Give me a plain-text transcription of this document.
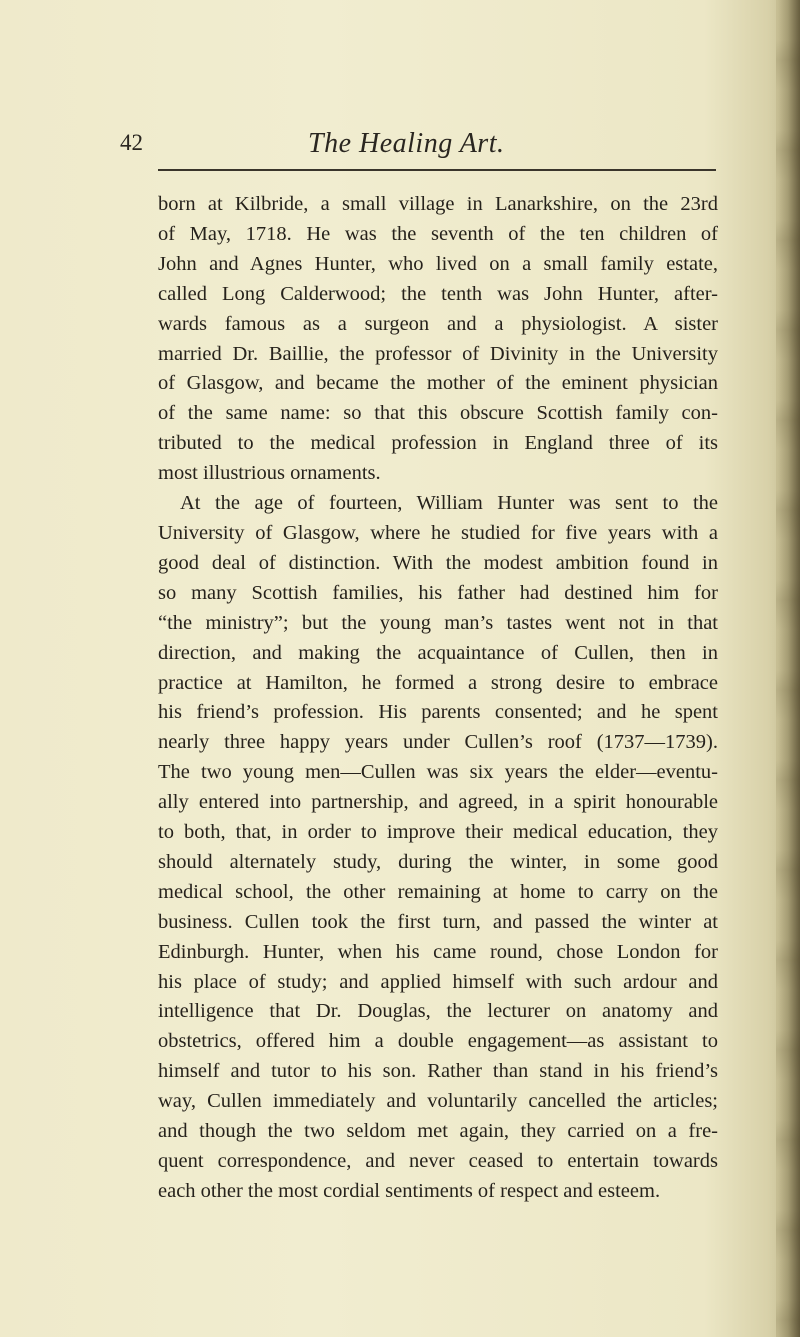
42	The Healing Art.
born at Kilbride, a small village in Lanarkshire, on the 23rd
of May, 1718. He was the seventh of the ten children of
John and Agnes Hunter, who lived on a small family estate,
called Long Calderwood; the tenth was John Hunter, after-
wards famous as a surgeon and a physiologist. A sister
married Dr. Baillie, the professor of Divinity in the University
of Glasgow, and became the mother of the eminent physician
of the same name: so that this obscure Scottish family con-
tributed to the medical profession in England three of its
most illustrious ornaments.
At the age of fourteen, William Hunter was sent to the
University of Glasgow, where he studied for five years with a
good deal of distinction. With the modest ambition found in
so many Scottish families, his father had destined him for
“the ministry”; but the young man’s tastes went not in that
direction, and making the acquaintance of Cullen, then in
practice at Hamilton, he formed a strong desire to embrace
his friend’s profession. His parents consented; and he spent
nearly three happy years under Cullen’s roof (1737—1739).
The two young men—Cullen was six years the elder—eventu-
ally entered into partnership, and agreed, in a spirit honourable
to both, that, in order to improve their medical education, they
should alternately study, during the winter, in some good
medical school, the other remaining at home to carry on the
business. Cullen took the first turn, and passed the winter at
Edinburgh. Hunter, when his came round, chose London for
his place of study; and applied himself with such ardour and
intelligence that Dr. Douglas, the lecturer on anatomy and
obstetrics, offered him a double engagement—as assistant to
himself and tutor to his son. Rather than stand in his friend’s
way, Cullen immediately and voluntarily cancelled the articles;
and though the two seldom met again, they carried on a fre-
quent correspondence, and never ceased to entertain towards
each other the most cordial sentiments of respect and esteem.
